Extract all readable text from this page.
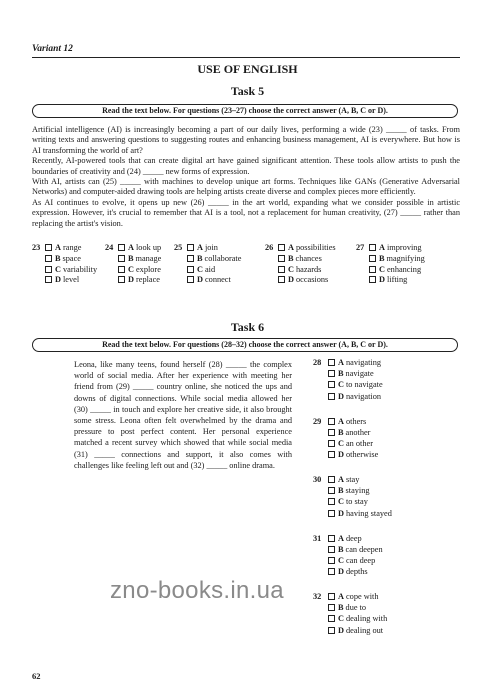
Variant 12
USE OF ENGLISH
Task 5
Read the text below. For questions (23–27) choose the correct answer (A, B, C or D).

Artificial intelligence (AI) is increasingly becoming a part of our daily lives, performing a wide (23) _____ of tasks. From writing texts and answering questions to suggesting routes and enhancing business management, AI is everywhere. But how is AI transforming the world of art?

Recently, AI-powered tools that can create digital art have gained significant attention. These tools allow artists to push the boundaries of creativity and (24) _____ new forms of expression.

With AI, artists can (25) _____ with machines to develop unique art forms. Techniques like GANs (Generative Adversarial Networks) and computer-aided drawing tools are helping artists create diverse and complex pieces more efficiently.

As AI continues to evolve, it opens up new (26) _____ in the art world, expanding what we consider possible in artistic expression. However, it's crucial to remember that AI is a tool, not a replacement for human creativity, (27) _____ rather than replacing the artist's vision.

23	A range
B space
C variability
D level
24	A look up
B manage
C explore
D replace
25	A join
B collaborate
C aid
D connect
26	A possibilities
B chances
C hazards
D occasions
27	A improving
B magnifying
C enhancing
D lifting
Task 6
Read the text below. For questions (28–32) choose the correct answer (A, B, C or D).
Leona, like many teens, found herself (28) _____ the complex world of social media. After her experience with meeting her friend from (29) _____ country online, she noticed the ups and downs of digital connections. While social media allowed her (30) _____ in touch and explore her creative side, it also brought some stress. Leona often felt overwhelmed by the drama and pressure to post perfect content. Her personal experience matched a recent survey which showed that while social media (31) _____ connections and support, it also comes with challenges like feeling left out and (32) _____ online drama.
28	A navigating
B navigate
C to navigate
D navigation
29	A others
B another
C an other
D otherwise
30	A stay
B staying
C to stay
D having stayed
31	A deep
B can deepen
C can deep
D depths
32	A cope with
B due to
C dealing with
D dealing out
zno-books.in.ua
62
